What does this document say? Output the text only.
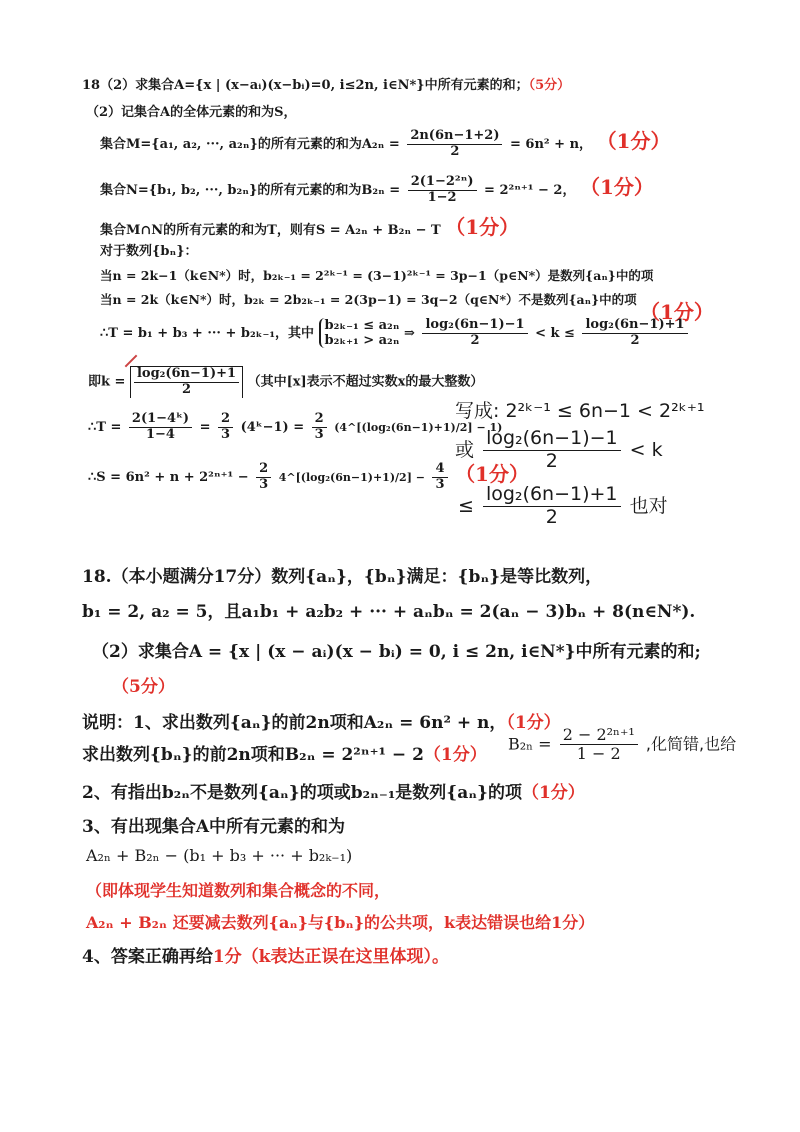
18（2）求集合A={x | (x−aᵢ)(x−bᵢ)=0, i≤2n, i∈N*}中所有元素的和；（5分）
（2）记集合A的全体元素的和为S，
集合M={a₁, a₂, ···, a₂ₙ}的所有元素的和为$A_{2n} = \frac{2n(6n-1+2)}{2} = 6n^2 + n$， （1分）
集合N={b₁, b₂, ···, b₂ₙ}的所有元素的和为$B_{2n} = \frac{\text{2(1−2²ⁿ)}}{1-2} = 2^{2n+1} - 2$， （1分）
集合M∩N的所有元素的和为T，则有S = A₂ₙ + B₂ₙ − T （1分）
对于数列{bₙ}：
当n = 2k−1（k∈N*）时，b₂ₖ₋₁ = 2²ᵏ⁻¹ = (3−1)²ᵏ⁻¹ = 3p−1（p∈N*）是数列{aₙ}中的项
当n = 2k（k∈N*）时，b₂ₖ = 2b₂ₖ₋₁ = 2(3p−1) = 3q−2（q∈N*）不是数列{aₙ}中的项
（1分）
∴T = b₁ + b₃ + ··· + b₂ₖ₋₁，其中 b₂ₖ₋₁ ≤ a₂ₙ
b₂ₖ₊₁ > a₂ₙ ⇒ $\frac{\text{log₂(6n−1)−1}}{2} < k \le \frac{\text{log₂(6n−1)+1}}{2}$
即$k = \frac{\text{log₂(6n−1)+1}}{2}$ （其中[x]表示不超过实数x的最大整数）
∴T = $\frac{\text{2(1−4ᵏ)}}{1-4} = \frac{2}{3}$ (4ᵏ−1) = $\frac{2}{3}$ (4^[(log₂(6n−1)+1)/2] − 1)
∴S = $6n^2 + n + 2^{2n+1} - \frac{2}{3}$ 4^[(log₂(6n−1)+1)/2] − $\frac{4}{3} (1$分）
写成: 2²ᵏ⁻¹ ≤ 6n−1 < 2²ᵏ⁺¹
或 $\frac{\text{log₂(6n−1)−1}}{2} < k$
≤ $\frac{\text{log₂(6n−1)+1}}{2}$ 也对
18.（本小题满分17分）数列{aₙ}，{bₙ}满足：{bₙ}是等比数列，
b₁ = 2, a₂ = 5，且a₁b₁ + a₂b₂ + ··· + aₙbₙ = 2(aₙ − 3)bₙ + 8(n∈N*).
（2）求集合A = {x | (x − aᵢ)(x − bᵢ) = 0, i ≤ 2n, i∈N*}中所有元素的和;
（5分）
说明：1、求出数列{aₙ}的前2n项和A₂ₙ = 6n² + n，（1分）
求出数列{bₙ}的前2n项和B₂ₙ = 2²ⁿ⁺¹ − 2（1分）
$B_{2n} = \frac{\text{2 − 2²ⁿ⁺¹}}{1 - 2}$ ,化简错,也给
2、有指出b₂ₙ不是数列{aₙ}的项或b₂ₙ₋₁是数列{aₙ}的项（1分）
3、有出现集合A中所有元素的和为
A₂ₙ + B₂ₙ − (b₁ + b₃ + ··· + b₂ₖ₋₁)
（即体现学生知道数列和集合概念的不同，
A₂ₙ + B₂ₙ 还要减去数列{aₙ}与{bₙ}的公共项，k表达错误也给1分）
4、答案正确再给1分（k表达正误在这里体现）。
